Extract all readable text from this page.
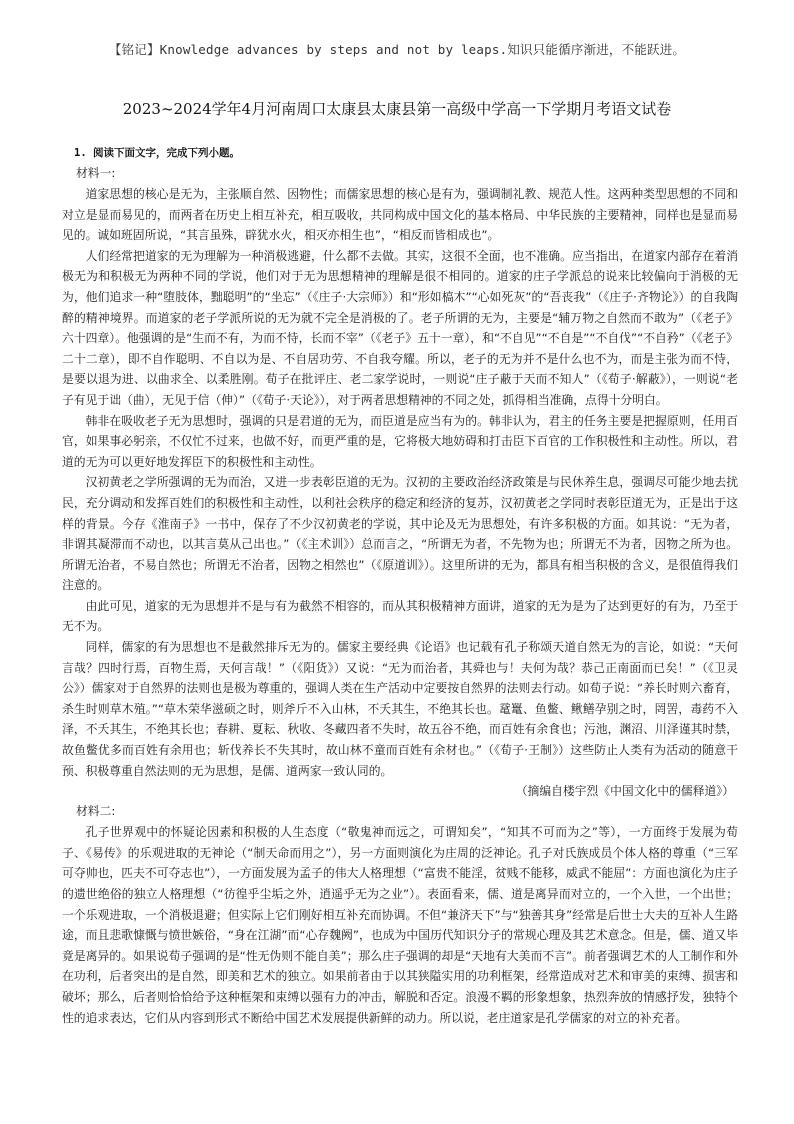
【铭记】Knowledge advances by steps and not by leaps.知识只能循序渐进，不能跃进。
2023~2024学年4月河南周口太康县太康县第一高级中学高一下学期月考语文试卷
1. 阅读下面文字，完成下列小题。
材料一:

道家思想的核心是无为，主张顺自然、因物性；而儒家思想的核心是有为，强调制礼教、规范人性。这两种类型思想的不同和对立是显而易见的，而两者在历史上相互补充，相互吸收，共同构成中国文化的基本格局、中华民族的主要精神，同样也是显而易见的。诚如班固所说，“其言虽殊，辟犹水火，相灭亦相生也”，“相反而皆相成也”。

人们经常把道家的无为理解为一种消极逃避，什么都不去做。其实，这很不全面，也不准确。应当指出，在道家内部存在着消极无为和积极无为两种不同的学说，他们对于无为思想精神的理解是很不相同的。道家的庄子学派总的说来比较偏向于消极的无为，他们追求一种“堕肢体，黜聪明”的“坐忘”（《庄子·大宗师》）和“形如槁木”“心如死灰”的“吾丧我”（《庄子·齐物论》）的自我陶醉的精神境界。而道家的老子学派所说的无为就不完全是消极的了。老子所谓的无为，主要是“辅万物之自然而不敢为”（《老子》六十四章）。他强调的是“生而不有，为而不恃，长而不宰”（《老子》五十一章），和“不自见”“不自是”“不自伐”“不自矜”（《老子》二十二章），即不自作聪明、不自以为是、不自居功劳、不自我夸耀。所以，老子的无为并不是什么也不为，而是主张为而不恃，是要以退为进、以曲求全、以柔胜刚。荀子在批评庄、老二家学说时，一则说“庄子蔽于天而不知人”（《荀子·解蔽》），一则说“老子有见于诎（曲），无见于信（伸）”（《荀子·天论》），对于两者思想精神的不同之处，抓得相当准确，点得十分明白。

韩非在吸收老子无为思想时，强调的只是君道的无为，而臣道是应当有为的。韩非认为，君主的任务主要是把握原则，任用百官，如果事必躬亲，不仅忙不过来，也做不好，而更严重的是，它将极大地妨碍和打击臣下百官的工作积极性和主动性。所以，君道的无为可以更好地发挥臣下的积极性和主动性。

汉初黄老之学所强调的无为而治，又进一步表彰臣道的无为。汉初的主要政治经济政策是与民休养生息，强调尽可能少地去扰民，充分调动和发挥百姓们的积极性和主动性，以利社会秩序的稳定和经济的复苏，汉初黄老之学同时表彰臣道无为，正是出于这样的背景。今存《淮南子》一书中，保存了不少汉初黄老的学说，其中论及无为思想处，有许多积极的方面。如其说：“无为者，非谓其凝滞而不动也，以其言莫从己出也。”（《主术训》）总而言之，“所谓无为者，不先物为也；所谓无不为者，因物之所为也。所谓无治者，不易自然也；所谓无不治者，因物之相然也”（《原道训》）。这里所讲的无为，都具有相当积极的含义，是很值得我们注意的。

由此可见，道家的无为思想并不是与有为截然不相容的，而从其积极精神方面讲，道家的无为是为了达到更好的有为，乃至于无不为。

同样，儒家的有为思想也不是截然排斥无为的。儒家主要经典《论语》也记载有孔子称颂天道自然无为的言论，如说：“天何言哉？四时行焉，百物生焉，天何言哉！”（《阳货》）又说：“无为而治者，其舜也与！夫何为哉？恭己正南面而已矣！”（《卫灵公》）儒家对于自然界的法则也是极为尊重的，强调人类在生产活动中定要按自然界的法则去行动。如荀子说：“养长时则六畜育，杀生时则草木殖。”“草木荣华滋硕之时，则斧斤不入山林，不夭其生，不绝其长也。鼋鼍、鱼鳖、鳅鳝孕别之时，罔罟，毒药不入泽，不夭其生，不绝其长也；春耕、夏耘、秋收、冬藏四者不失时，故五谷不绝，而百姓有余食也；污池，渊沼、川泽谨其时禁，故鱼鳖优多而百姓有余用也；斩伐养长不失其时，故山林不童而百姓有余材也。”（《荀子·王制》）这些防止人类有为活动的随意干预、积极尊重自然法则的无为思想，是儒、道两家一致认同的。

（摘编自楼宇烈《中国文化中的儒释道》）
材料二:

孔子世界观中的怀疑论因素和积极的人生态度（“敬鬼神而远之，可谓知矣”，“知其不可而为之”等），一方面终于发展为荀子、《易传》的乐观进取的无神论（“制天命而用之”），另一方面则演化为庄周的泛神论。孔子对氏族成员个体人格的尊重（“三军可夺帅也，匹夫不可夺志也”），一方面发展为孟子的伟大人格理想（“富贵不能淫，贫贱不能移，威武不能屈”：方面也演化为庄子的遗世绝俗的独立人格理想（“彷徨乎尘垢之外，逍遥乎无为之业”）。表面看来，儒、道是离异而对立的，一个入世，一个出世；一个乐观进取，一个消极退避；但实际上它们刚好相互补充而协调。不但“兼济天下”与“独善其身”经常是后世士大夫的互补人生路途，而且悲歌慷慨与愤世嫉俗，“身在江湖”而“心存魏阙”，也成为中国历代知识分子的常规心理及其艺术意念。但是，儒、道又毕竟是离异的。如果说荀子强调的是“性无伪则不能自美”；那么庄子强调的却是“天地有大美而不言”。前者强调艺术的人工制作和外在功利，后者突出的是自然，即美和艺术的独立。如果前者由于以其狭隘实用的功利框架，经常造成对艺术和审美的束缚、损害和破坏；那么，后者则恰恰给予这种框架和束缚以强有力的冲击，解脱和否定。浪漫不羁的形象想象，热烈奔放的情感抒发，独特个性的追求表达，它们从内容到形式不断给中国艺术发展提供新鲜的动力。所以说，老庄道家是孔学儒家的对立的补充者。
